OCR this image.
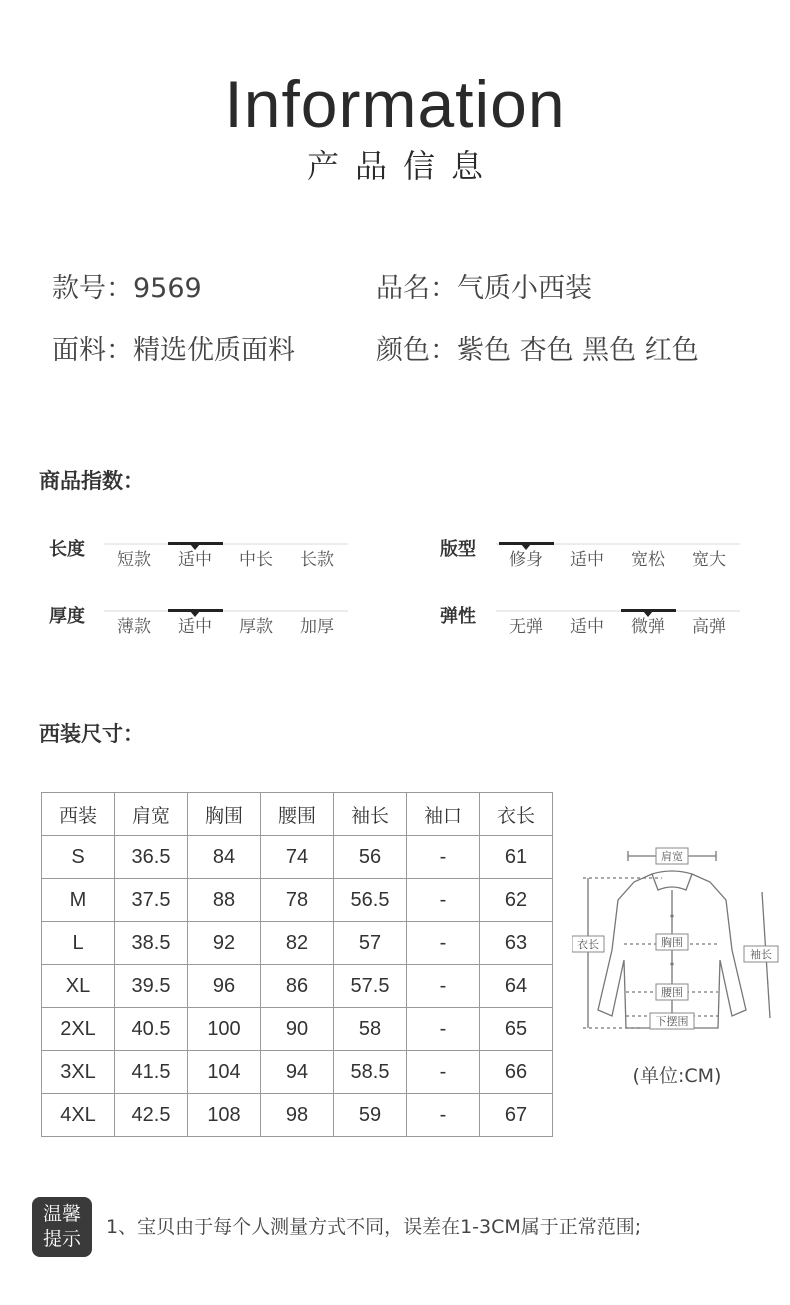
Information
产品信息
款号：9569	品名：气质小西装
面料：精选优质面料	颜色：紫色 杏色 黑色 红色
商品指数：
长度	短款	适中	中长	长款	版型	修身	适中	宽松	宽大
厚度	薄款	适中	厚款	加厚	弹性	无弹	适中	微弹	高弹
西装尺寸：
西装	肩宽	胸围	腰围	袖长	袖口	衣长
S	36.5	84	74	56	-	61
M	37.5	88	78	56.5	-	62
L	38.5	92	82	57	-	63
XL	39.5	96	86	57.5	-	64
2XL	40.5	100	90	58	-	65
3XL	41.5	104	94	58.5	-	66
4XL	42.5	108	98	59	-	67
肩宽
衣长	胸围
袖长
腰围
下摆围
(单位:CM)
温馨提示
1、宝贝由于每个人测量方式不同，误差在1-3CM属于正常范围;
